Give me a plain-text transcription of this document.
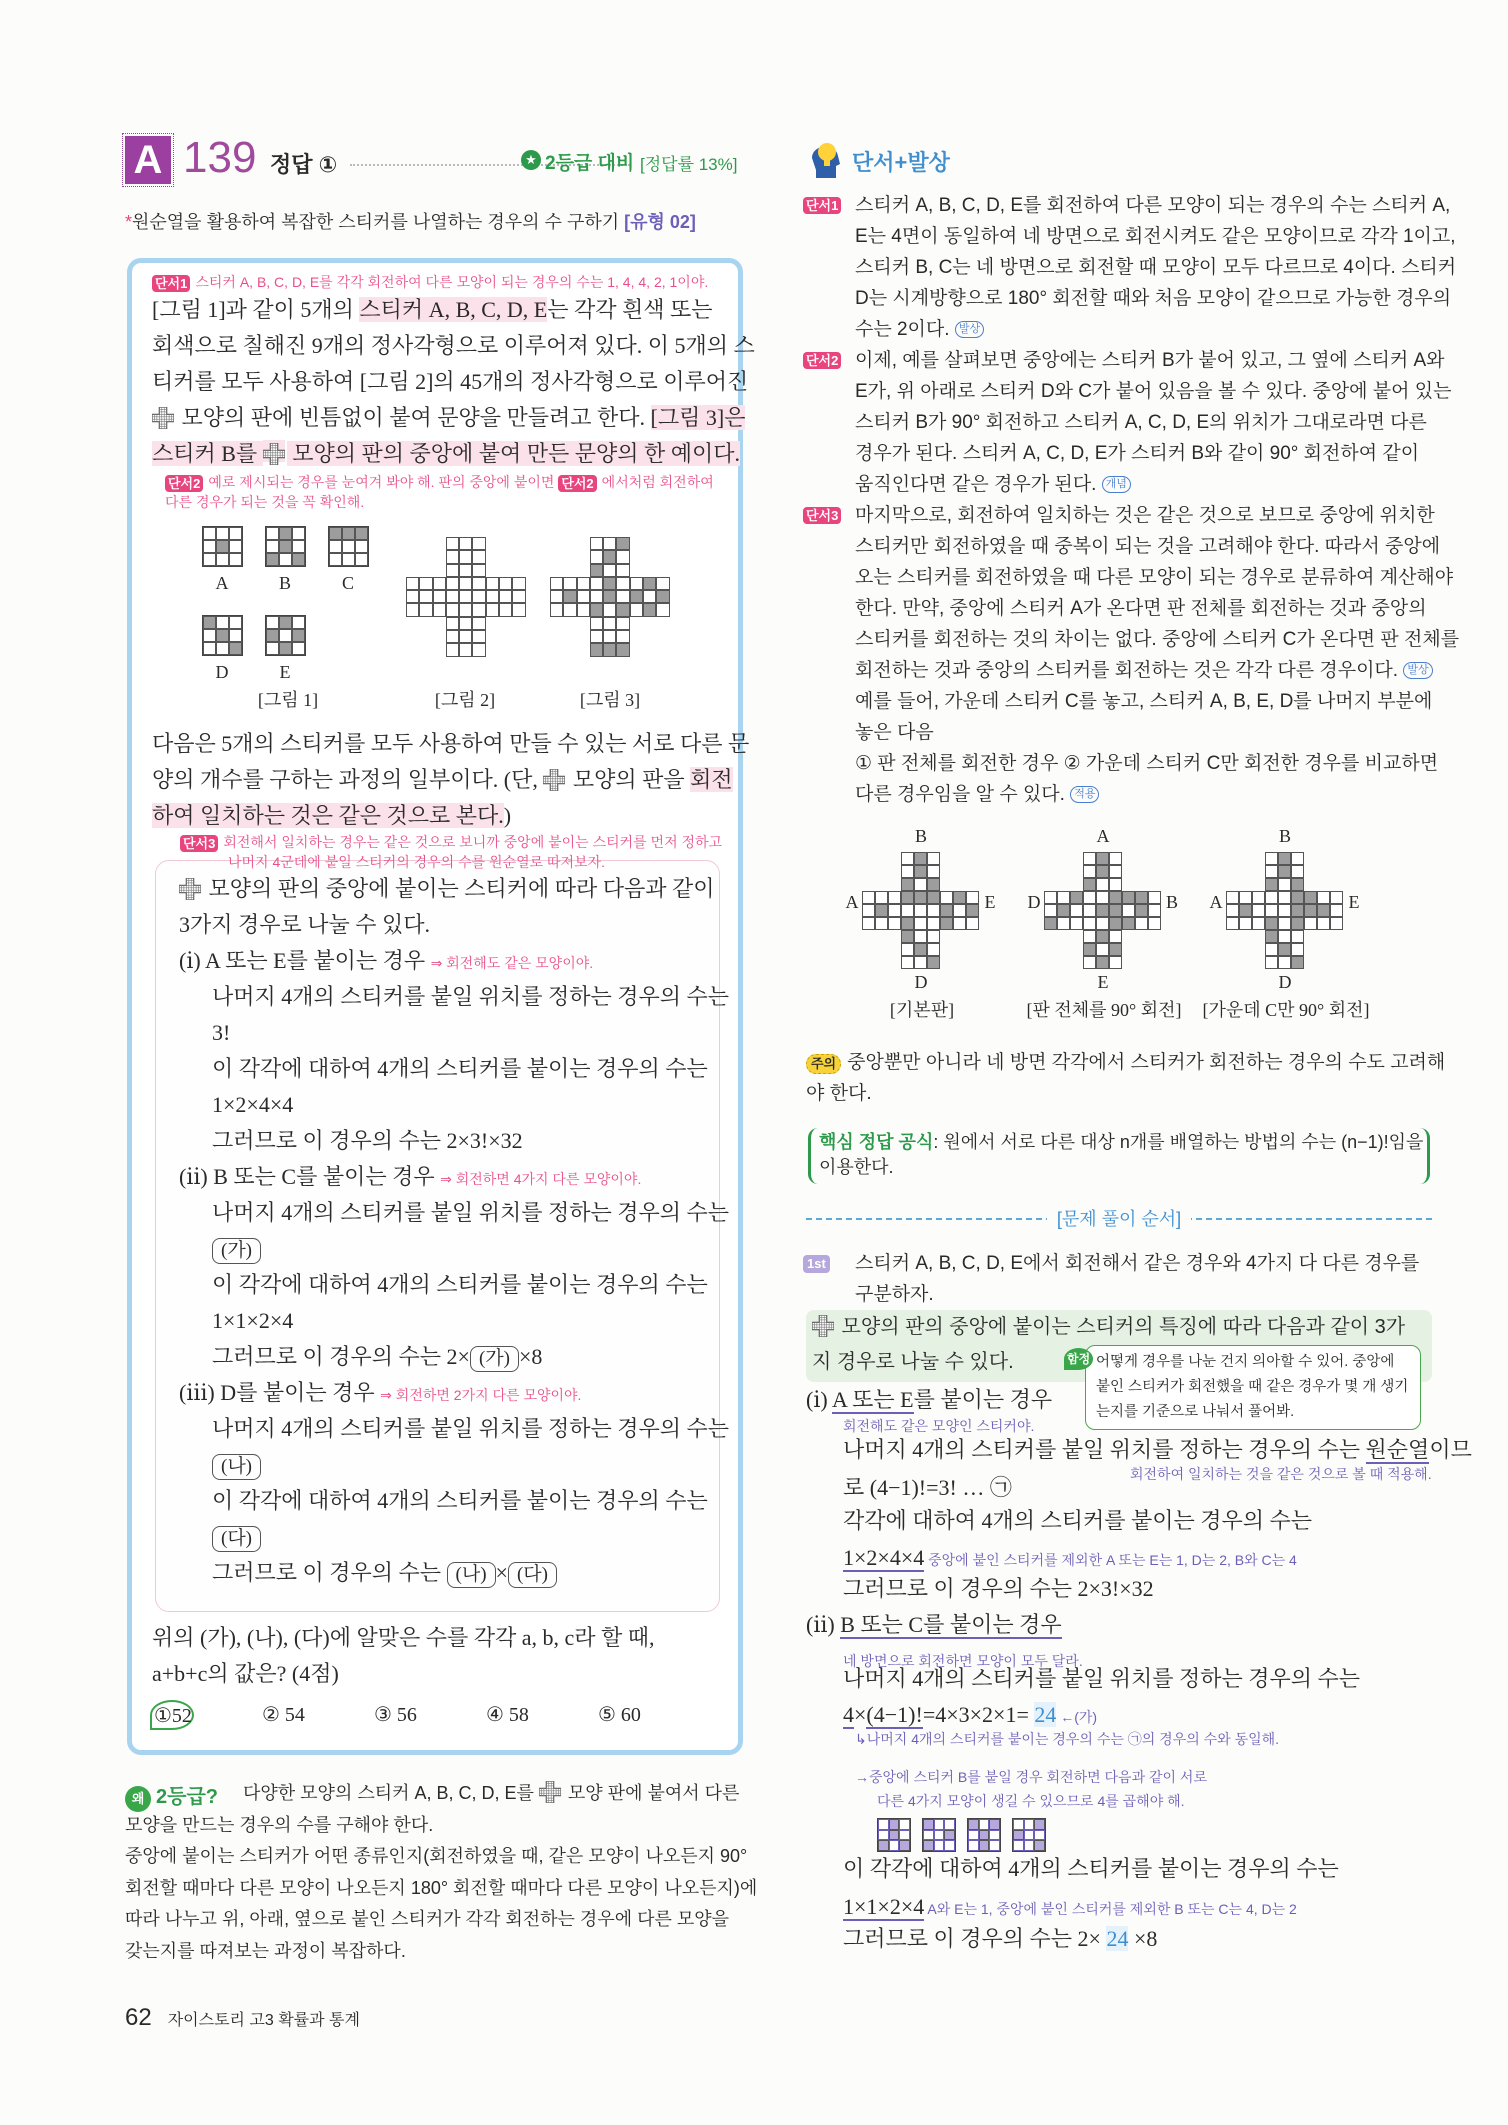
A 139 정답 ①	★ 2등급 대비 [정답률 13%]
*원순열을 활용하여 복잡한 스티커를 나열하는 경우의 수 구하기 [유형 02]
단서1 스티커 A, B, C, D, E를 각각 회전하여 다른 모양이 되는 경우의 수는 1, 4, 4, 2, 1이야.
[그림 1]과 같이 5개의 스티커 A, B, C, D, E는 각각 흰색 또는
회색으로 칠해진 9개의 정사각형으로 이루어져 있다. 이 5개의 스
티커를 모두 사용하여 [그림 2]의 45개의 정사각형으로 이루어진
모양의 판에 빈틈없이 붙여 문양을 만들려고 한다. [그림 3]은
스티커 B를  모양의 판의 중앙에 붙여 만든 문양의 한 예이다.
단서2 예로 제시되는 경우를 눈여겨 봐야 해. 판의 중앙에 붙이면 단서2 에서처럼 회전하여
다른 경우가 되는 것을 꼭 확인해.
A	B	C
D	E
[그림 1]	[그림 2]	[그림 3]
다음은 5개의 스티커를 모두 사용하여 만들 수 있는 서로 다른 문
양의 개수를 구하는 과정의 일부이다. (단,  모양의 판을 회전
하여 일치하는 것은 같은 것으로 본다.)
단서3 회전해서 일치하는 경우는 같은 것으로 보니까 중앙에 붙이는 스티커를 먼저 정하고
나머지 4군데에 붙일 스티커의 경우의 수를 원순열로 따져보자.
모양의 판의 중앙에 붙이는 스티커에 따라 다음과 같이
3가지 경우로 나눌 수 있다.
(ⅰ) A 또는 E를 붙이는 경우 ⇒ 회전해도 같은 모양이야.
나머지 4개의 스티커를 붙일 위치를 정하는 경우의 수는
3!
이 각각에 대하여 4개의 스티커를 붙이는 경우의 수는
1×2×4×4
그러므로 이 경우의 수는 2×3!×32
(ⅱ) B 또는 C를 붙이는 경우 ⇒ 회전하면 4가지 다른 모양이야.
나머지 4개의 스티커를 붙일 위치를 정하는 경우의 수는
(가)
이 각각에 대하여 4개의 스티커를 붙이는 경우의 수는
1×1×2×4
그러므로 이 경우의 수는 2× (가) ×8
(ⅲ) D를 붙이는 경우 ⇒ 회전하면 2가지 다른 모양이야.
나머지 4개의 스티커를 붙일 위치를 정하는 경우의 수는
(나)
이 각각에 대하여 4개의 스티커를 붙이는 경우의 수는
(다)
그러므로 이 경우의 수는 (나) × (다)
위의 (가), (나), (다)에 알맞은 수를 각각 a, b, c라 할 때,
a+b+c의 값은? (4점)
①52	② 54	③ 56	④ 58	⑤ 60
왜 2등급?	다양한 모양의 스티커 A, B, C, D, E를  모양 판에 붙여서 다른
모양을 만드는 경우의 수를 구해야 한다.
중앙에 붙이는 스티커가 어떤 종류인지(회전하였을 때, 같은 모양이 나오든지 90°
회전할 때마다 다른 모양이 나오든지 180° 회전할 때마다 다른 모양이 나오든지)에
따라 나누고 위, 아래, 옆으로 붙인 스티커가 각각 회전하는 경우에 다른 모양을
갖는지를 따져보는 과정이 복잡하다.
62 자이스토리 고3 확률과 통계
단서+발상
단서1 스티커 A, B, C, D, E를 회전하여 다른 모양이 되는 경우의 수는 스티커 A,
E는 4면이 동일하여 네 방면으로 회전시켜도 같은 모양이므로 각각 1이고,
스티커 B, C는 네 방면으로 회전할 때 모양이 모두 다르므로 4이다. 스티커
D는 시계방향으로 180° 회전할 때와 처음 모양이 같으므로 가능한 경우의
수는 2이다. 발상
단서2 이제, 예를 살펴보면 중앙에는 스티커 B가 붙어 있고, 그 옆에 스티커 A와
E가, 위 아래로 스티커 D와 C가 붙어 있음을 볼 수 있다. 중앙에 붙어 있는
스티커 B가 90° 회전하고 스티커 A, C, D, E의 위치가 그대로라면 다른
경우가 된다. 스티커 A, C, D, E가 스티커 B와 같이 90° 회전하여 같이
움직인다면 같은 경우가 된다. 개념
단서3 마지막으로, 회전하여 일치하는 것은 같은 것으로 보므로 중앙에 위치한
스티커만 회전하였을 때 중복이 되는 것을 고려해야 한다. 따라서 중앙에
오는 스티커를 회전하였을 때 다른 모양이 되는 경우로 분류하여 계산해야
한다. 만약, 중앙에 스티커 A가 온다면 판 전체를 회전하는 것과 중앙의
스티커를 회전하는 것의 차이는 없다. 중앙에 스티커 C가 온다면 판 전체를
회전하는 것과 중앙의 스티커를 회전하는 것은 각각 다른 경우이다. 발상
예를 들어, 가운데 스티커 C를 놓고, 스티커 A, B, E, D를 나머지 부분에
놓은 다음
① 판 전체를 회전한 경우 ② 가운데 스티커 C만 회전한 경우를 비교하면
다른 경우임을 알 수 있다. 적용
B
A	E
D
[기본판]
A
D	B
E
[판 전체를 90° 회전]
B
A	E
D
[가운데 C만 90° 회전]
주의 중앙뿐만 아니라 네 방면 각각에서 스티커가 회전하는 경우의 수도 고려해
야 한다.
핵심 정답 공식: 원에서 서로 다른 대상 n개를 배열하는 방법의 수는 (n−1)!임을
이용한다.
[문제 풀이 순서]
1st 스티커 A, B, C, D, E에서 회전해서 같은 경우와 4가지 다 다른 경우를
구분하자.
모양의 판의 중앙에 붙이는 스티커의 특징에 따라 다음과 같이 3가
지 경우로 나눌 수 있다.	함정 어떻게 경우를 나눈 건지 의아할 수 있어. 중앙에
붙인 스티커가 회전했을 때 같은 경우가 몇 개 생기
는지를 기준으로 나눠서 풀어봐.
(ⅰ) A 또는 E를 붙이는 경우
회전해도 같은 모양인 스티커야.
나머지 4개의 스티커를 붙일 위치를 정하는 경우의 수는 원순열이므
회전하여 일치하는 것을 같은 것으로 볼 때 적용해.
로 (4−1)!=3! … ㉠
각각에 대하여 4개의 스티커를 붙이는 경우의 수는
1×2×4×4 중앙에 붙인 스티커를 제외한 A 또는 E는 1, D는 2, B와 C는 4
그러므로 이 경우의 수는 2×3!×32
(ⅱ) B 또는 C를 붙이는 경우
네 방면으로 회전하면 모양이 모두 달라.
나머지 4개의 스티커를 붙일 위치를 정하는 경우의 수는
4×(4−1)!=4×3×2×1= 24 ←(가)
↳나머지 4개의 스티커를 붙이는 경우의 수는 ㉠의 경우의 수와 동일해.
→중앙에 스티커 B를 붙일 경우 회전하면 다음과 같이 서로
다른 4가지 모양이 생길 수 있으므로 4를 곱해야 해.
이 각각에 대하여 4개의 스티커를 붙이는 경우의 수는
1×1×2×4 A와 E는 1, 중앙에 붙인 스티커를 제외한 B 또는 C는 4, D는 2
그러므로 이 경우의 수는 2× 24 ×8
